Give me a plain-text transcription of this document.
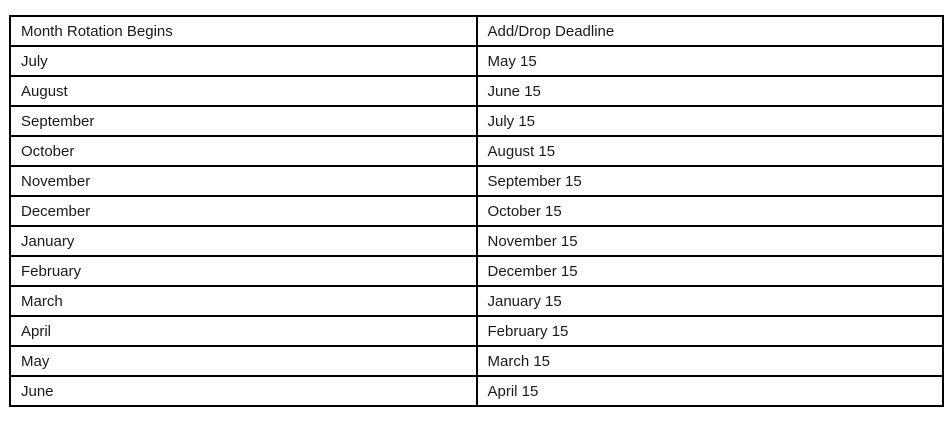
Month Rotation Begins	Add/Drop Deadline
July	May 15
August	June 15
September	July 15
October	August 15
November	September 15
December	October 15
January	November 15
February	December 15
March	January 15
April	February 15
May	March 15
June	April 15
